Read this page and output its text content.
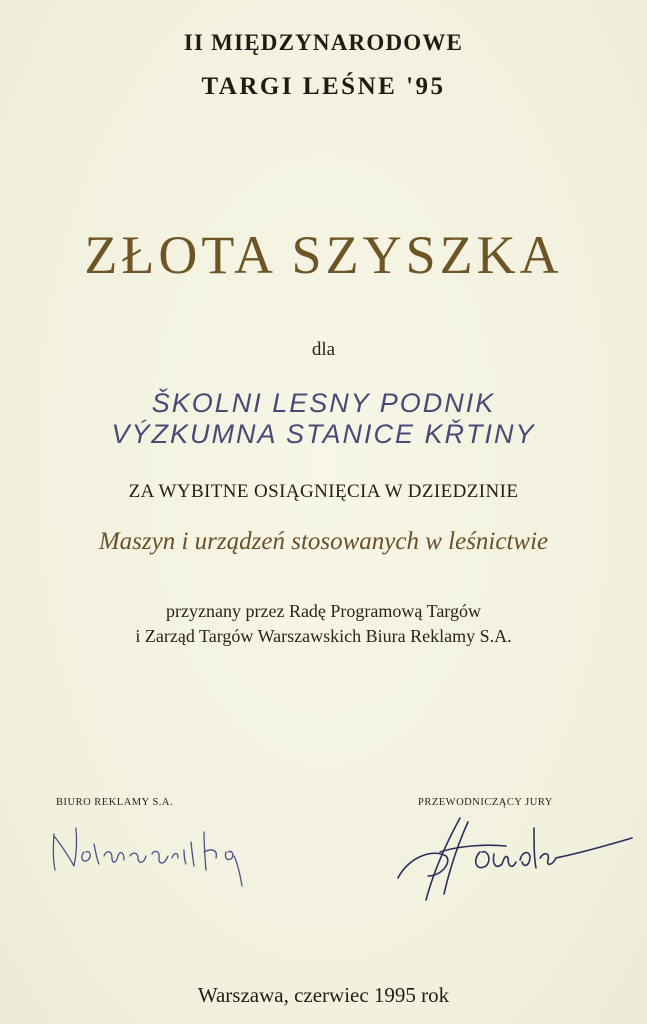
II MIĘDZYNARODOWE
TARGI LEŚNE '95
ZŁOTA SZYSZKA
dla
ŠKOLNI LESNY PODNIK
VÝZKUMNA STANICE KŘTINY
ZA WYBITNE OSIĄGNIĘCIA W DZIEDZINIE
Maszyn i urządzeń stosowanych w leśnictwie
przyznany przez Radę Programową Targów
i Zarząd Targów Warszawskich Biura Reklamy S.A.
BIURO REKLAMY S.A.	PRZEWODNICZĄCY JURY
Warszawa, czerwiec 1995 rok
